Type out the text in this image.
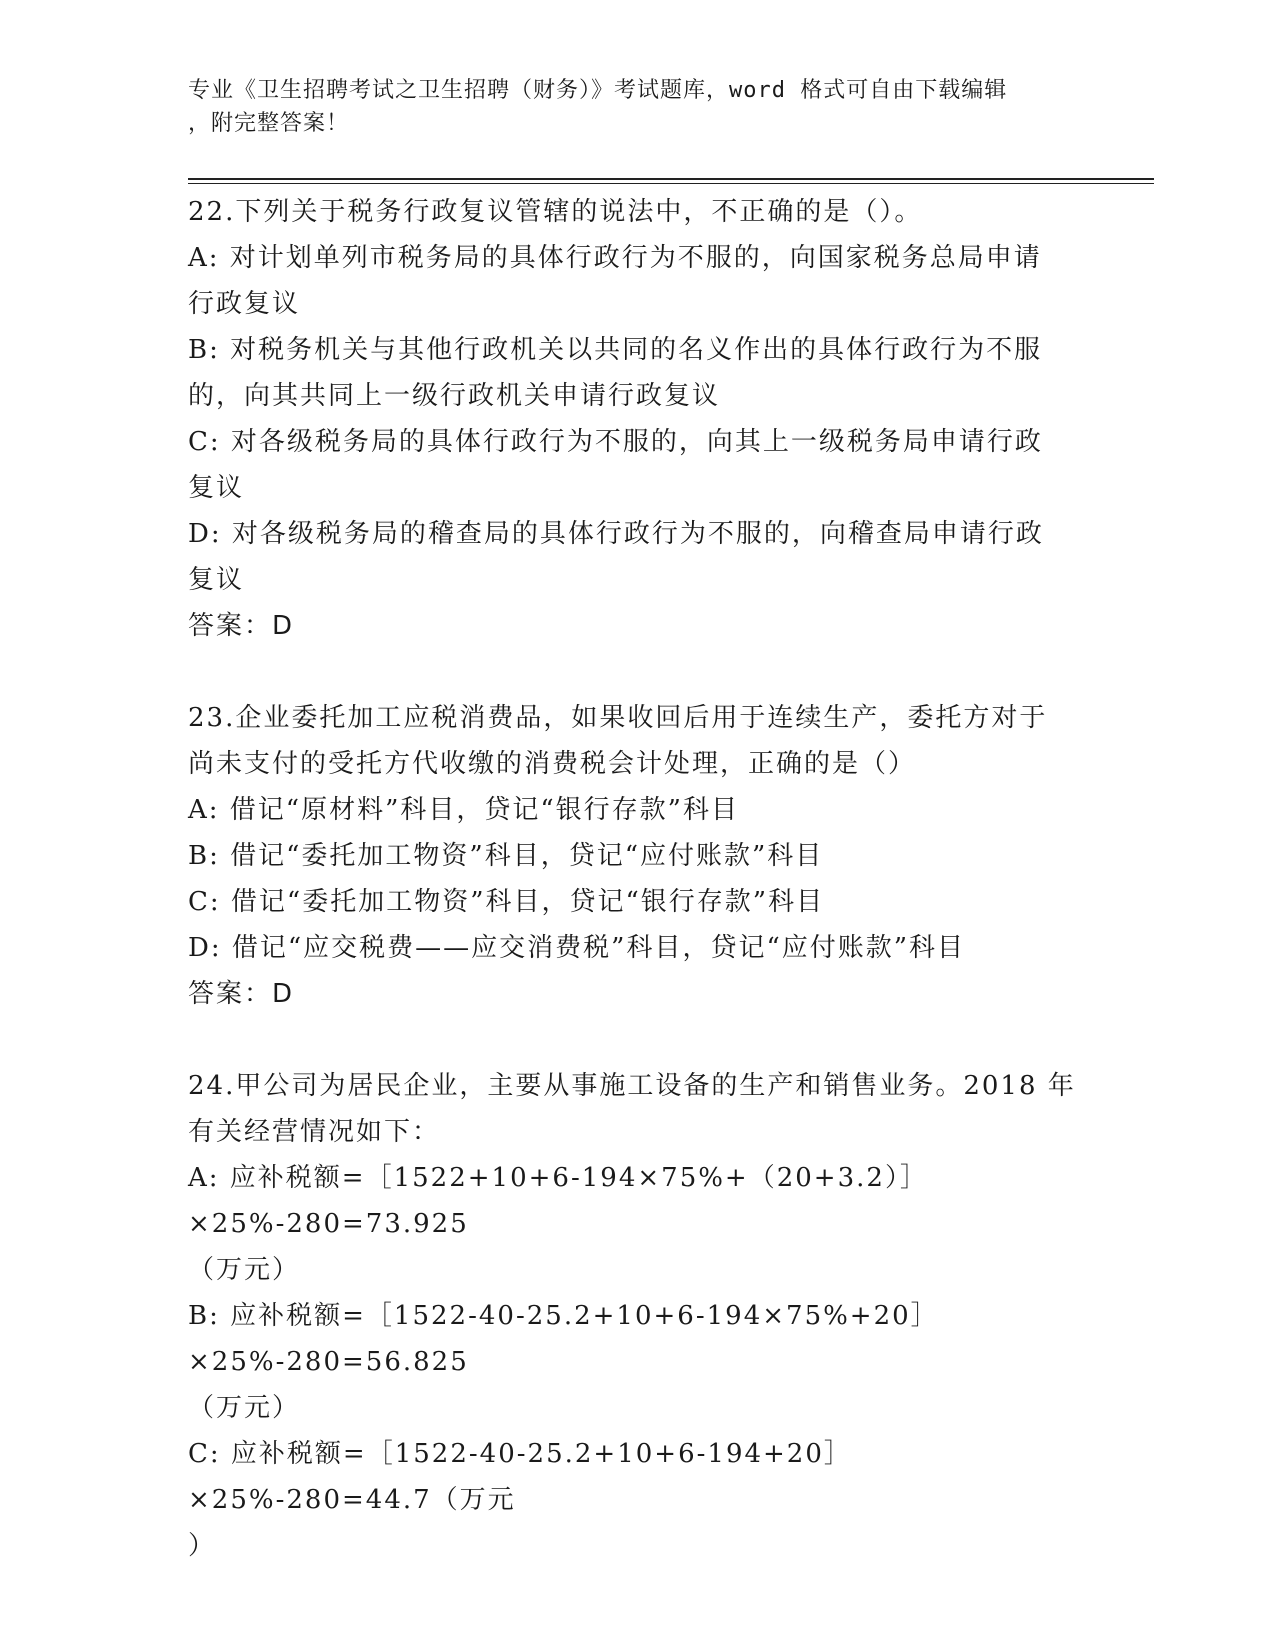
专业《卫生招聘考试之卫生招聘（财务）》考试题库，word 格式可自由下载编辑
，附完整答案！
22.下列关于税务行政复议管辖的说法中，不正确的是（）。
A: 对计划单列市税务局的具体行政行为不服的，向国家税务总局申请
行政复议
B: 对税务机关与其他行政机关以共同的名义作出的具体行政行为不服
的，向其共同上一级行政机关申请行政复议
C: 对各级税务局的具体行政行为不服的，向其上一级税务局申请行政
复议
D: 对各级税务局的稽查局的具体行政行为不服的，向稽查局申请行政
复议
答案：D
23.企业委托加工应税消费品，如果收回后用于连续生产，委托方对于
尚未支付的受托方代收缴的消费税会计处理，正确的是（）
A: 借记“原材料”科目，贷记“银行存款”科目
B: 借记“委托加工物资”科目，贷记“应付账款”科目
C: 借记“委托加工物资”科目，贷记“银行存款”科目
D: 借记“应交税费——应交消费税”科目，贷记“应付账款”科目
答案：D
24.甲公司为居民企业，主要从事施工设备的生产和销售业务。2018 年
有关经营情况如下：
A: 应补税额=［1522+10+6-194×75%+（20+3.2）］×25%-280=73.925
（万元）
B: 应补税额=［1522-40-25.2+10+6-194×75%+20］×25%-280=56.825
（万元）
C: 应补税额=［1522-40-25.2+10+6-194+20］×25%-280=44.7（万元
）
